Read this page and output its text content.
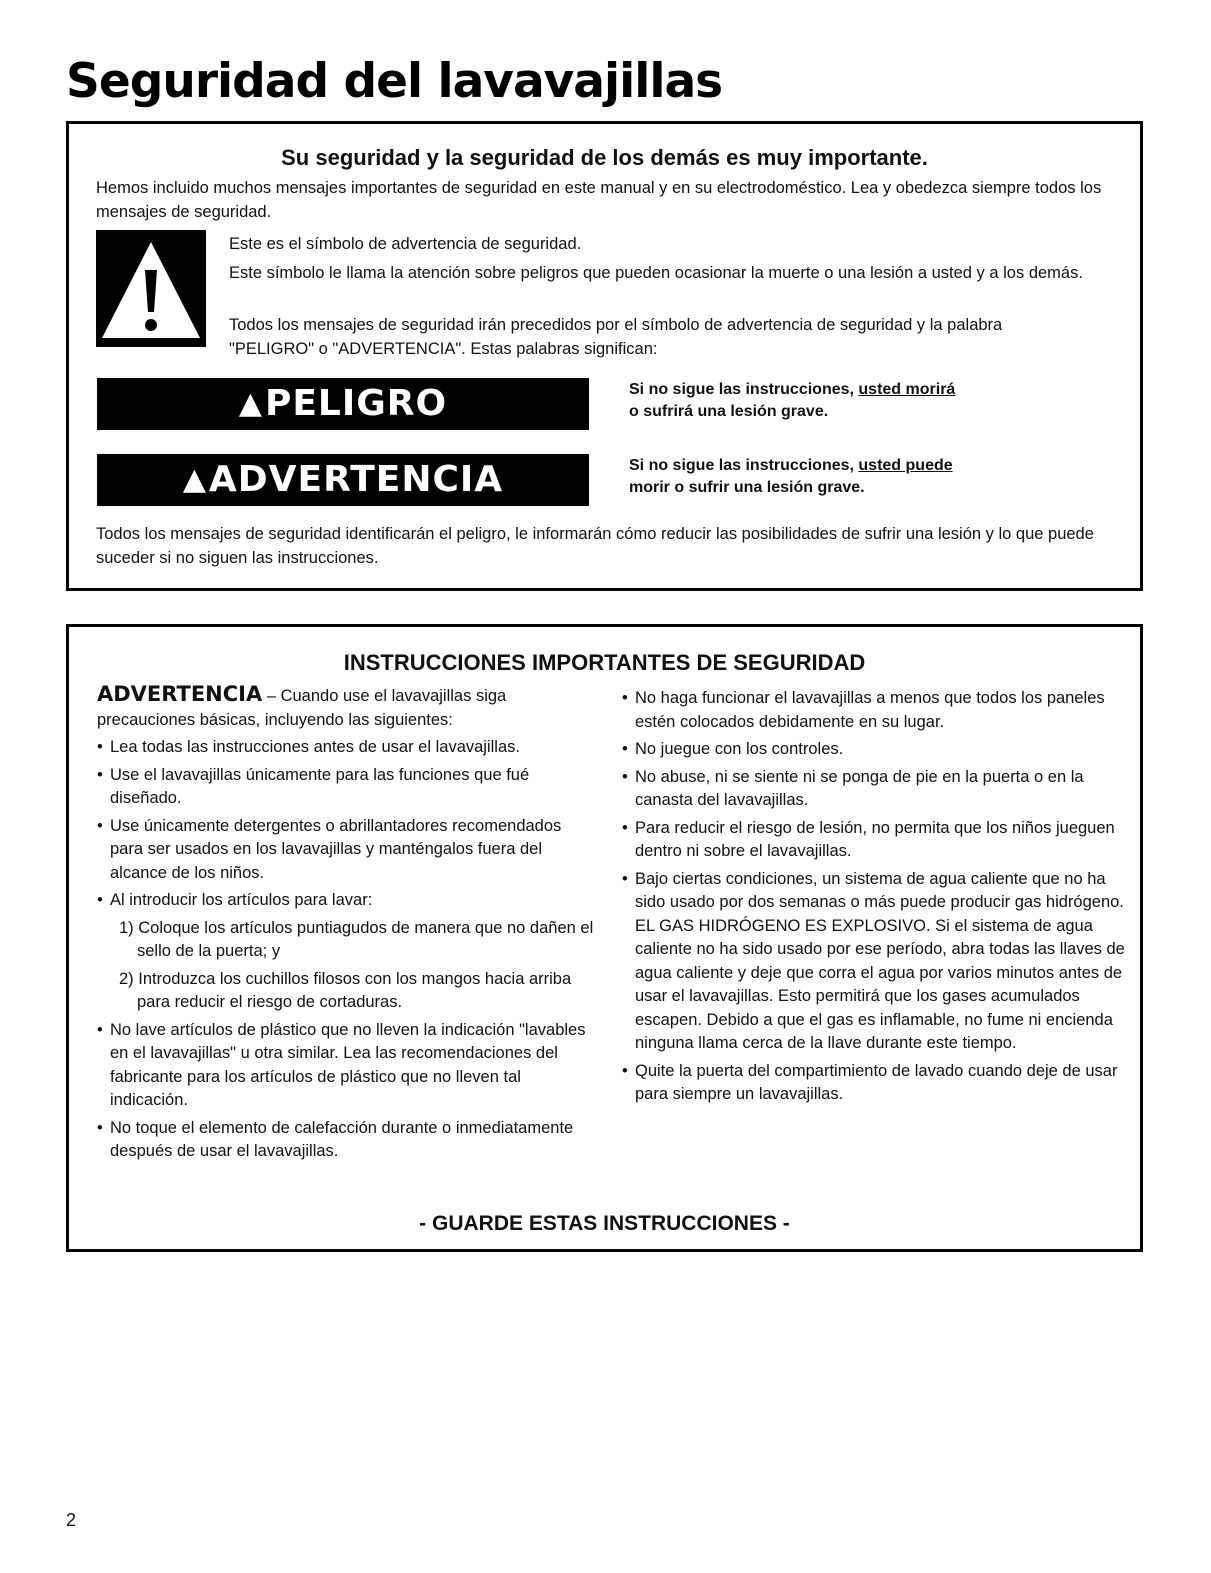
Seguridad del lavavajillas
Su seguridad y la seguridad de los demás es muy importante.

Hemos incluido muchos mensajes importantes de seguridad en este manual y en su electrodoméstico. Lea y obedezca siempre todos los mensajes de seguridad.

Este es el símbolo de advertencia de seguridad.

Este símbolo le llama la atención sobre peligros que pueden ocasionar la muerte o una lesión a usted y a los demás.

Todos los mensajes de seguridad irán precedidos por el símbolo de advertencia de seguridad y la palabra "PELIGRO" o "ADVERTENCIA". Estas palabras significan:

▲PELIGRO	Si no sigue las instrucciones, usted morirá
o sufrirá una lesión grave.

▲ADVERTENCIA	Si no sigue las instrucciones, usted puede
morir o sufrir una lesión grave.

Todos los mensajes de seguridad identificarán el peligro, le informarán cómo reducir las posibilidades de sufrir una lesión y lo que puede suceder si no siguen las instrucciones.

INSTRUCCIONES IMPORTANTES DE SEGURIDAD

ADVERTENCIA – Cuando use el lavavajillas siga precauciones básicas, incluyendo las siguientes:

• Lea todas las instrucciones antes de usar el lavavajillas.

• Use el lavavajillas únicamente para las funciones que fué diseñado.

• Use únicamente detergentes o abrillantadores recomendados para ser usados en los lavavajillas y manténgalos fuera del alcance de los niños.

• Al introducir los artículos para lavar:

1) Coloque los artículos puntiagudos de manera que no dañen el sello de la puerta; y

2) Introduzca los cuchillos filosos con los mangos hacia arriba para reducir el riesgo de cortaduras.

• No lave artículos de plástico que no lleven la indicación "lavables en el lavavajillas" u otra similar. Lea las recomendaciones del fabricante para los artículos de plástico que no lleven tal indicación.

• No toque el elemento de calefacción durante o inmediatamente después de usar el lavavajillas.

• No haga funcionar el lavavajillas a menos que todos los paneles estén colocados debidamente en su lugar.

• No juegue con los controles.

• No abuse, ni se siente ni se ponga de pie en la puerta o en la canasta del lavavajillas.

• Para reducir el riesgo de lesión, no permita que los niños jueguen dentro ni sobre el lavavajillas.

• Bajo ciertas condiciones, un sistema de agua caliente que no ha sido usado por dos semanas o más puede producir gas hidrógeno. EL GAS HIDRÓGENO ES EXPLOSIVO. Si el sistema de agua caliente no ha sido usado por ese período, abra todas las llaves de agua caliente y deje que corra el agua por varios minutos antes de usar el lavavajillas. Esto permitirá que los gases acumulados escapen. Debido a que el gas es inflamable, no fume ni encienda ninguna llama cerca de la llave durante este tiempo.

• Quite la puerta del compartimiento de lavado cuando deje de usar para siempre un lavavajillas.

- GUARDE ESTAS INSTRUCCIONES -
2
